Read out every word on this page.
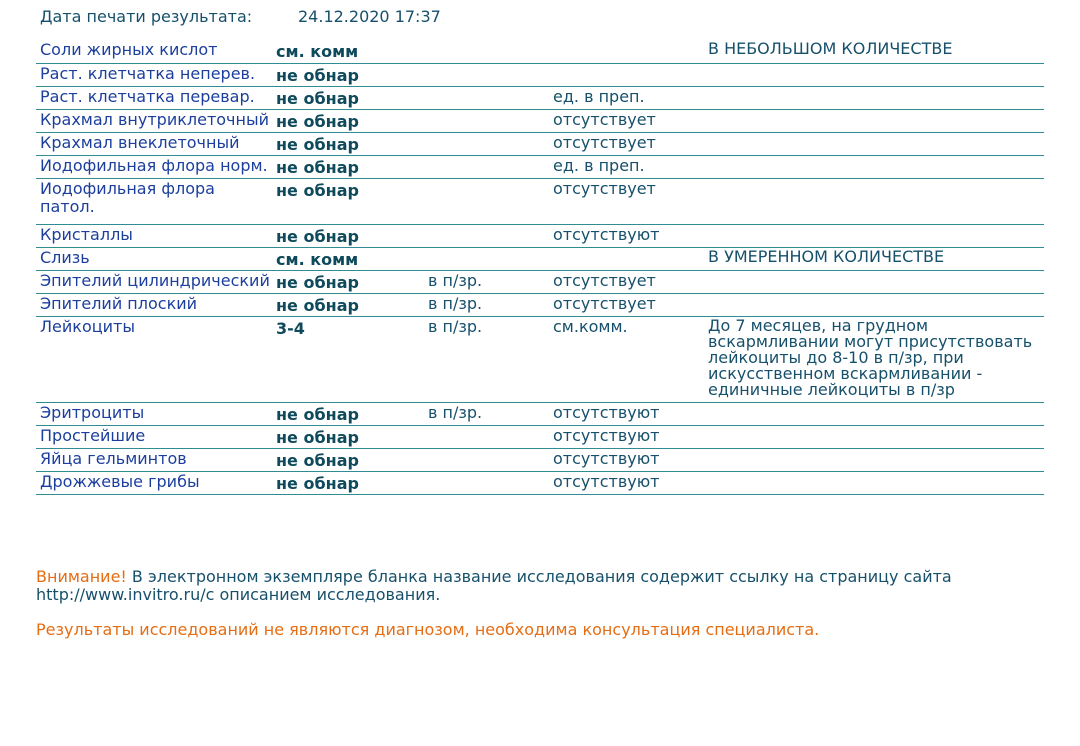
Дата печати результата:	24.12.2020 17:37
Соли жирных кислот	см. комм			В НЕБОЛЬШОМ КОЛИЧЕСТВЕ
Раст. клетчатка неперев.	не обнар			
Раст. клетчатка перевар.	не обнар		ед. в преп.	
Крахмал внутриклеточный	не обнар		отсутствует	
Крахмал внеклеточный	не обнар		отсутствует	
Иодофильная флора норм.	не обнар		ед. в преп.	
Иодофильная флора патол.	не обнар		отсутствует	
Кристаллы	не обнар		отсутствуют	
Слизь	см. комм			В УМЕРЕННОМ КОЛИЧЕСТВЕ
Эпителий цилиндрический	не обнар	в п/зр.	отсутствует	
Эпителий плоский	не обнар	в п/зр.	отсутствует	
Лейкоциты	3-4	в п/зр.	см.комм.	До 7 месяцев, на грудном вскармливании могут присутствовать лейкоциты до 8-10 в п/зр, при искусственном вскармливании - единичные лейкоциты в п/зр
Эритроциты	не обнар	в п/зр.	отсутствуют	
Простейшие	не обнар		отсутствуют	
Яйца гельминтов	не обнар		отсутствуют	
Дрожжевые грибы	не обнар		отсутствуют	
Внимание! В электронном экземпляре бланка название исследования содержит ссылку на страницу сайта http://www.invitro.ru/с описанием исследования.
Результаты исследований не являются диагнозом, необходима консультация специалиста.
